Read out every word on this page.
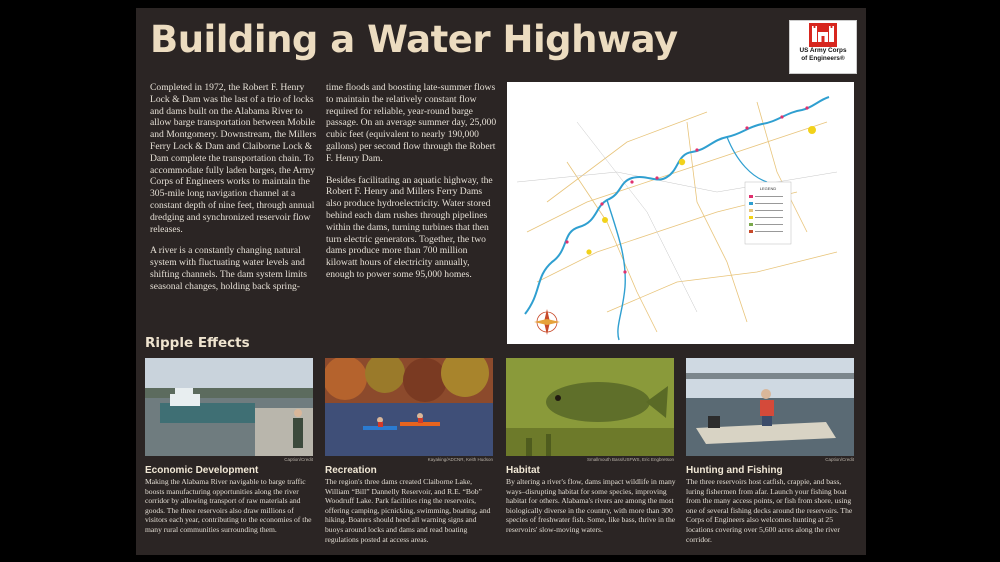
Building a Water Highway	US Army Corps
of Engineers®

Completed in 1972, the Robert F. Henry Lock & Dam was the last of a trio of locks and dams built on the Alabama River to allow barge transportation between Mobile and Montgomery. Downstream, the Millers Ferry Lock & Dam and Claiborne Lock & Dam complete the transportation chain. To accommodate fully laden barges, the Army Corps of Engineers works to maintain the 305-mile long navigation channel at a constant depth of nine feet, through annual dredging and synchronized reservoir flow releases.

A river is a constantly changing natural system with fluctuating water levels and shifting channels. The dam system limits seasonal changes, holding back spring-

time floods and boosting late-summer flows to maintain the relatively constant flow required for reliable, year-round barge passage. On an average summer day, 25,000 cubic feet (equivalent to nearly 190,000 gallons) per second flow through the Robert F. Henry Dam.

Besides facilitating an aquatic highway, the Robert F. Henry and Millers Ferry Dams also produce hydroelectricity. Water stored behind each dam rushes through pipelines within the dams, turning turbines that then turn electric generators. Together, the two dams produce more than 700 million kilowatt hours of electricity annually, enough to power some 95,000 homes.

LEGEND
Ripple Effects
Caption/Credit	Kayaking/ADCNR, Keith Hudson	Smallmouth Bass/USFWS, Eric Engbretson	Caption/Credit
Economic Development	Recreation	Habitat	Hunting and Fishing
Making the Alabama River navigable to barge traffic boosts manufacturing opportunities along the river corridor by allowing transport of raw materials and goods. The three reservoirs also draw millions of visitors each year, contributing to the economies of the many rural communities surrounding them.
The region's three dams created Claiborne Lake, William “Bill” Dannelly Reservoir, and R.E. “Bob” Woodruff Lake. Park facilities ring the reservoirs, offering camping, picnicking, swimming, boating, and hiking. Boaters should heed all warning signs and buoys around locks and dams and read boating regulations posted at access areas.
By altering a river's flow, dams impact wildlife in many ways–disrupting habitat for some species, improving habitat for others. Alabama's rivers are among the most biologically diverse in the country, with more than 300 species of freshwater fish. Some, like bass, thrive in the reservoirs' slow-moving waters.
The three reservoirs host catfish, crappie, and bass, luring fishermen from afar. Launch your fishing boat from the many access points, or fish from shore, using one of several fishing decks around the reservoirs. The Corps of Engineers also welcomes hunting at 25 locations covering over 5,600 acres along the river corridor.
